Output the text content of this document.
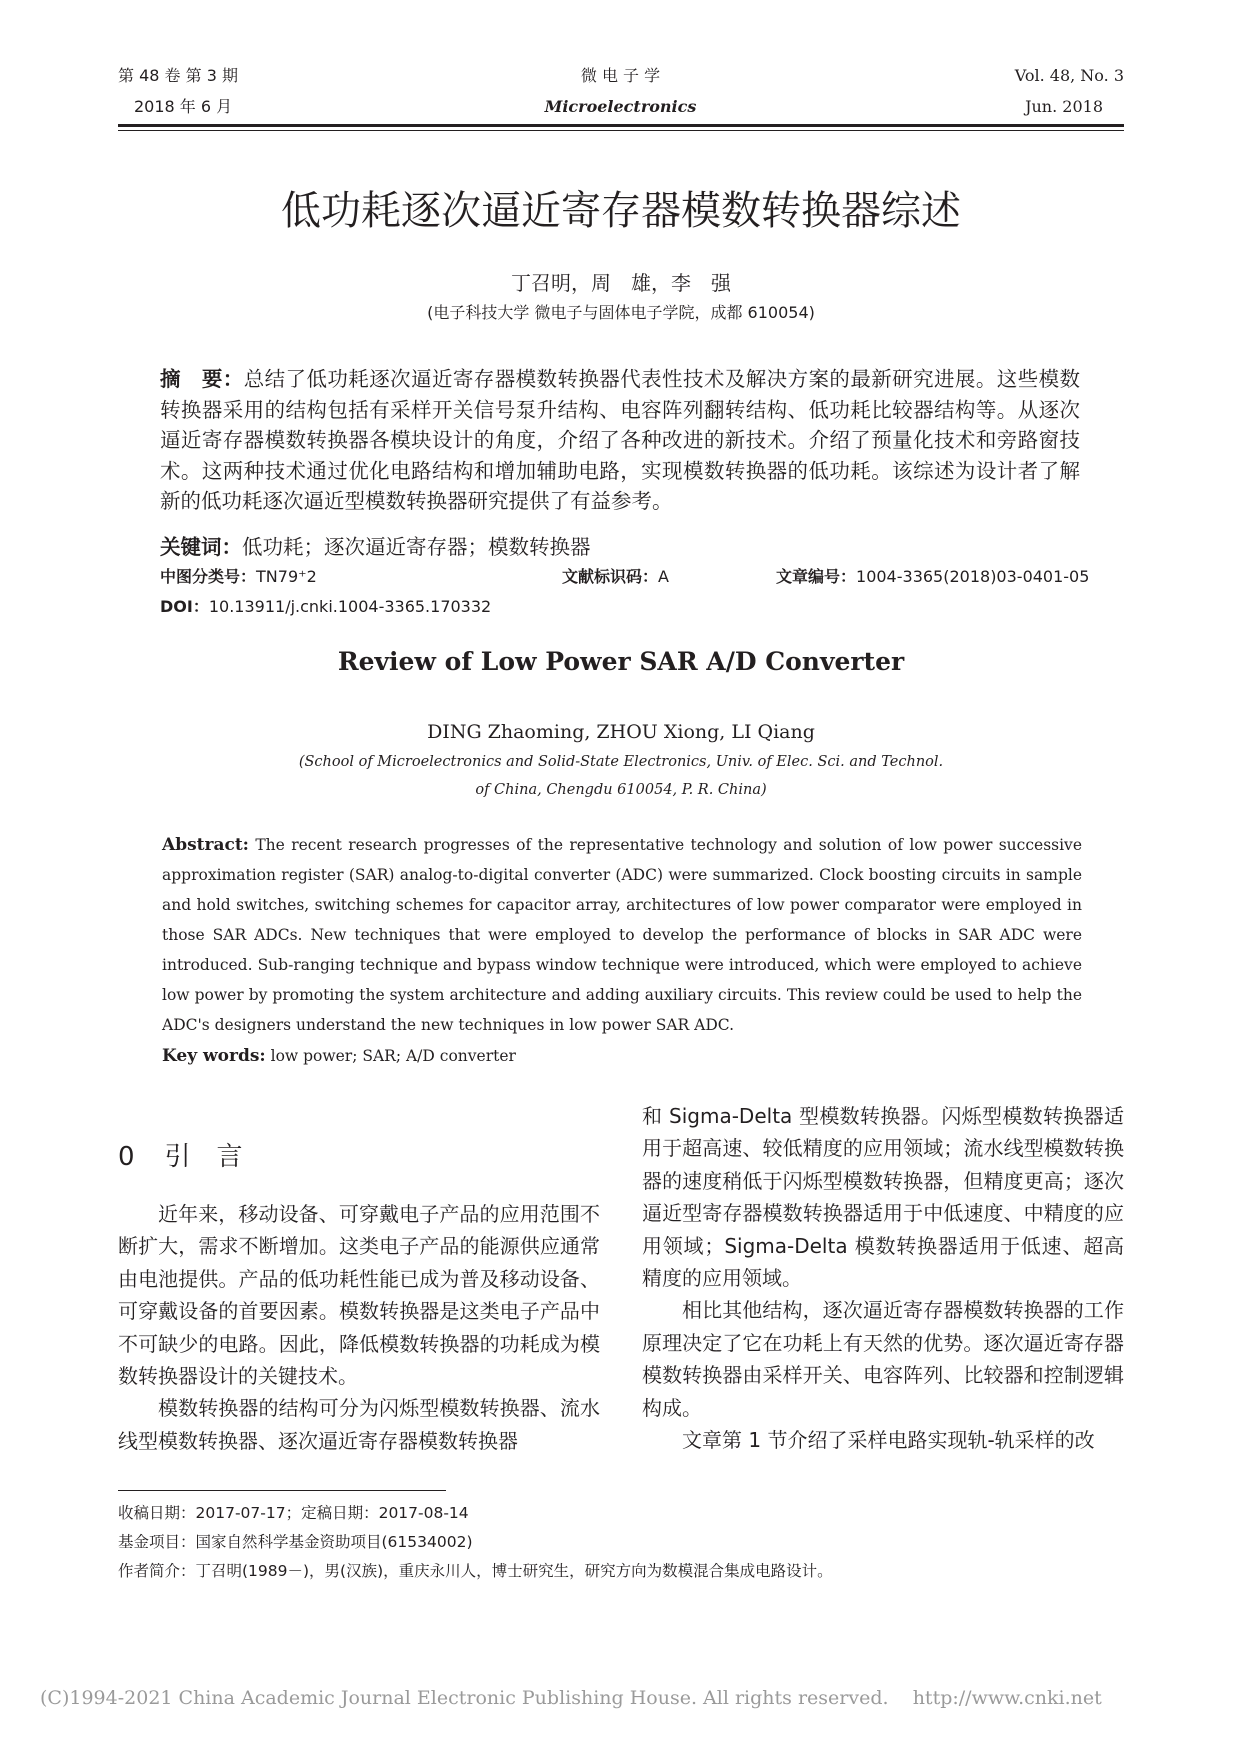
第 48 卷 第 3 期
2018 年 6 月
微 电 子 学
Microelectronics
Vol. 48, No. 3
Jun. 2018
低功耗逐次逼近寄存器模数转换器综述
丁召明，周　雄，李　强
(电子科技大学 微电子与固体电子学院，成都 610054)
摘　要：总结了低功耗逐次逼近寄存器模数转换器代表性技术及解决方案的最新研究进展。这些模数转换器采用的结构包括有采样开关信号泵升结构、电容阵列翻转结构、低功耗比较器结构等。从逐次逼近寄存器模数转换器各模块设计的角度，介绍了各种改进的新技术。介绍了预量化技术和旁路窗技术。这两种技术通过优化电路结构和增加辅助电路，实现模数转换器的低功耗。该综述为设计者了解新的低功耗逐次逼近型模数转换器研究提供了有益参考。
关键词：低功耗；逐次逼近寄存器；模数转换器
中图分类号：TN79⁺2	文献标识码：A	文章编号：1004-3365(2018)03-0401-05
DOI：10.13911/j.cnki.1004-3365.170332
Review of Low Power SAR A/D Converter
DING Zhaoming, ZHOU Xiong, LI Qiang
(School of Microelectronics and Solid-State Electronics, Univ. of Elec. Sci. and Technol.
of China, Chengdu 610054, P. R. China)
Abstract: The recent research progresses of the representative technology and solution of low power successive approximation register (SAR) analog-to-digital converter (ADC) were summarized. Clock boosting circuits in sample and hold switches, switching schemes for capacitor array, architectures of low power comparator were employed in those SAR ADCs. New techniques that were employed to develop the performance of blocks in SAR ADC were introduced. Sub-ranging technique and bypass window technique were introduced, which were employed to achieve low power by promoting the system architecture and adding auxiliary circuits. This review could be used to help the ADC's designers understand the new techniques in low power SAR ADC.
Key words: low power; SAR; A/D converter
0 引　言

近年来，移动设备、可穿戴电子产品的应用范围不断扩大，需求不断增加。这类电子产品的能源供应通常由电池提供。产品的低功耗性能已成为普及移动设备、可穿戴设备的首要因素。模数转换器是这类电子产品中不可缺少的电路。因此，降低模数转换器的功耗成为模数转换器设计的关键技术。

模数转换器的结构可分为闪烁型模数转换器、流水线型模数转换器、逐次逼近寄存器模数转换器

和 Sigma-Delta 型模数转换器。闪烁型模数转换器适用于超高速、较低精度的应用领域；流水线型模数转换器的速度稍低于闪烁型模数转换器，但精度更高；逐次逼近型寄存器模数转换器适用于中低速度、中精度的应用领域；Sigma-Delta 模数转换器适用于低速、超高精度的应用领域。

相比其他结构，逐次逼近寄存器模数转换器的工作原理决定了它在功耗上有天然的优势。逐次逼近寄存器模数转换器由采样开关、电容阵列、比较器和控制逻辑构成。

文章第 1 节介绍了采样电路实现轨-轨采样的改

收稿日期：2017-07-17；定稿日期：2017-08-14
基金项目：国家自然科学基金资助项目(61534002)
作者简介：丁召明(1989－)，男(汉族)，重庆永川人，博士研究生，研究方向为数模混合集成电路设计。
(C)1994-2021 China Academic Journal Electronic Publishing House. All rights reserved.    http://www.cnki.net
